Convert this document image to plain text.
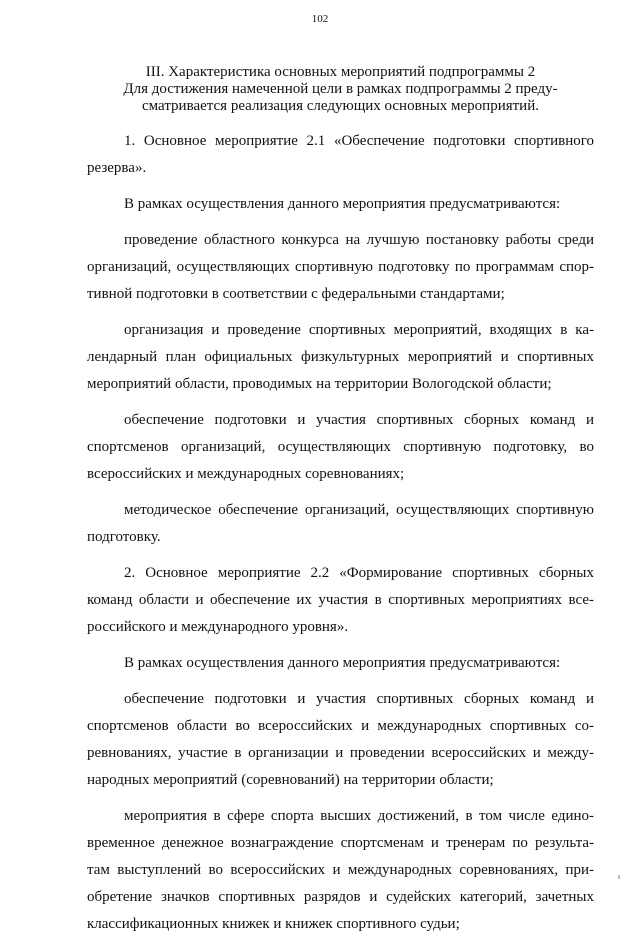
102
III. Характеристика основных мероприятий подпрограммы 2
Для достижения намеченной цели в рамках подпрограммы 2 преду-
сматривается реализация следующих основных мероприятий.

1. Основное мероприятие 2.1 «Обеспечение подготовки спортивного
резерва».

В рамках осуществления данного мероприятия предусматриваются:

проведение областного конкурса на лучшую постановку работы среди
организаций, осуществляющих спортивную подготовку по программам спор-
тивной подготовки в соответствии с федеральными стандартами;

организация и проведение спортивных мероприятий, входящих в ка-
лендарный план официальных физкультурных мероприятий и спортивных
мероприятий области, проводимых на территории Вологодской области;

обеспечение подготовки и участия спортивных сборных команд и
спортсменов организаций, осуществляющих спортивную подготовку, во
всероссийских и международных соревнованиях;

методическое обеспечение организаций, осуществляющих спортивную
подготовку.

2. Основное мероприятие 2.2 «Формирование спортивных сборных
команд области и обеспечение их участия в спортивных мероприятиях все-
российского и международного уровня».

В рамках осуществления данного мероприятия предусматриваются:

обеспечение подготовки и участия спортивных сборных команд и
спортсменов области во всероссийских и международных спортивных со-
ревнованиях, участие в организации и проведении всероссийских и между-
народных мероприятий (соревнований) на территории области;

мероприятия в сфере спорта высших достижений, в том числе едино-
временное денежное вознаграждение спортсменам и тренерам по результа-
там выступлений во всероссийских и международных соревнованиях, при-
обретение значков спортивных разрядов и судейских категорий, зачетных
классификационных книжек и книжек спортивного судьи;
